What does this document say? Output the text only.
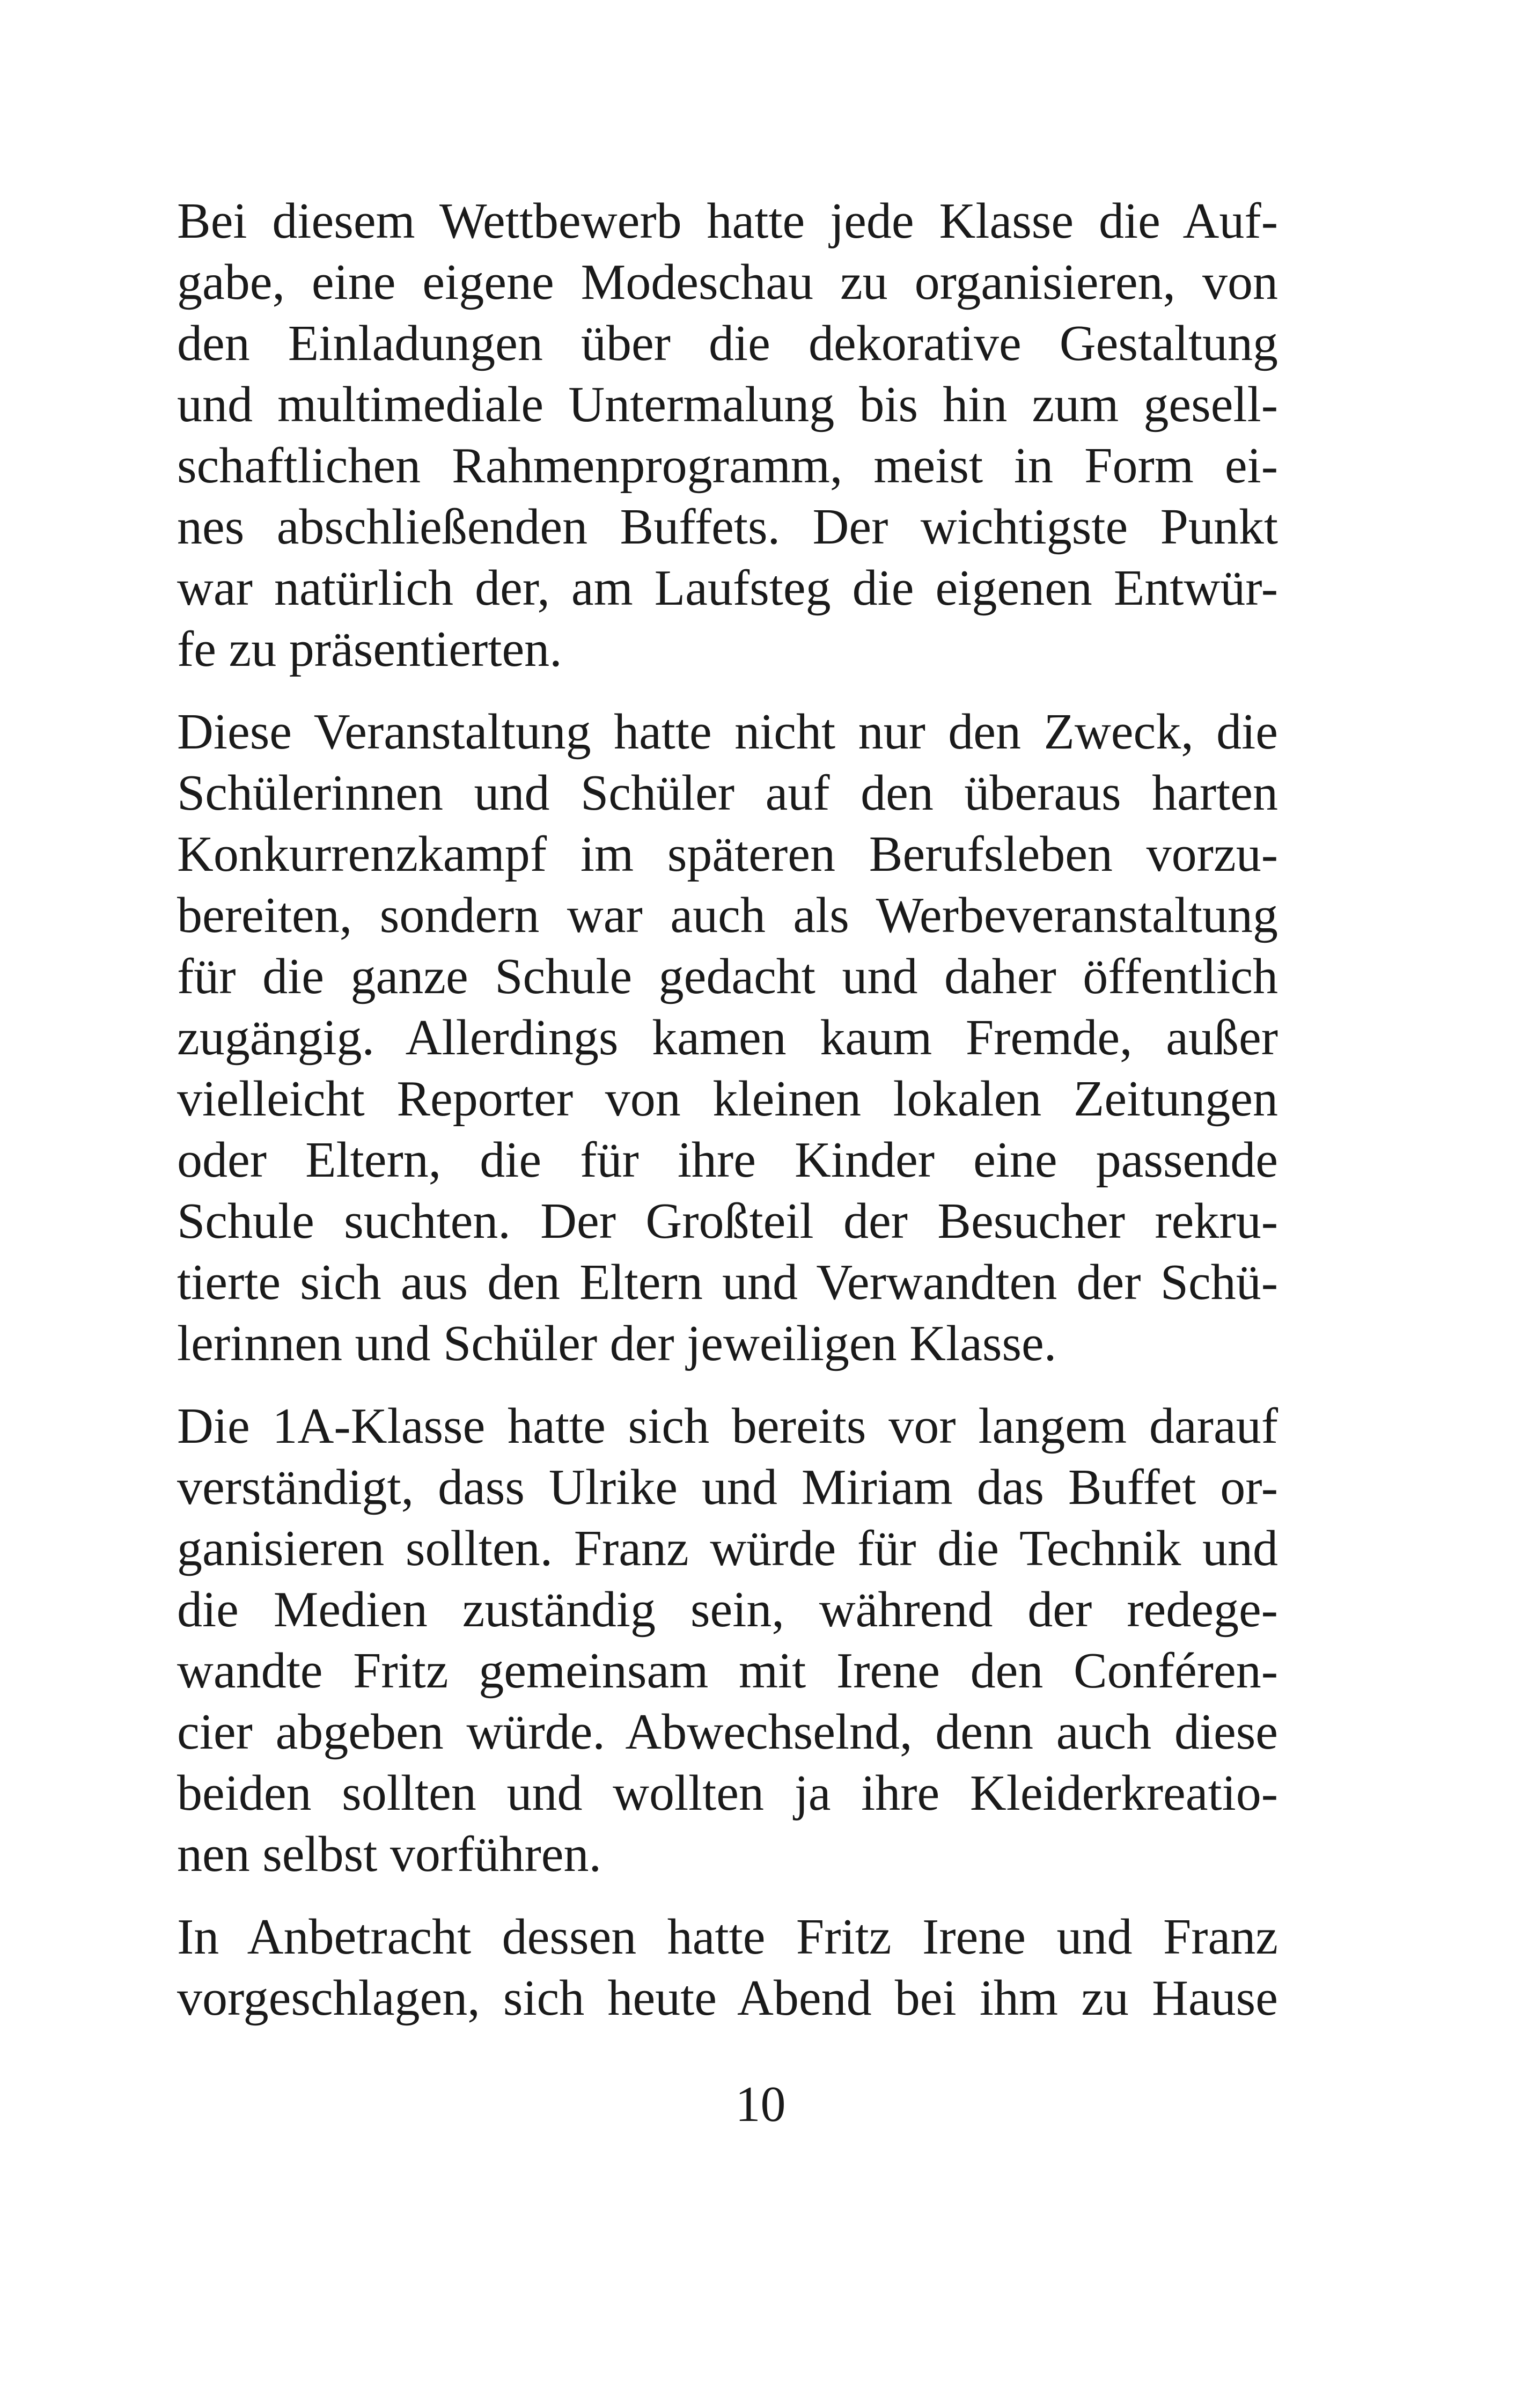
Bei diesem Wettbewerb hatte jede Klasse die Auf-
gabe, eine eigene Modeschau zu organisieren, von
den Einladungen über die dekorative Gestaltung
und multimediale Untermalung bis hin zum gesell-
schaftlichen Rahmenprogramm, meist in Form ei-
nes abschließenden Buffets. Der wichtigste Punkt
war natürlich der, am Laufsteg die eigenen Entwür-
fe zu präsentierten.
Diese Veranstaltung hatte nicht nur den Zweck, die
Schülerinnen und Schüler auf den überaus harten
Konkurrenzkampf im späteren Berufsleben vorzu-
bereiten, sondern war auch als Werbeveranstaltung
für die ganze Schule gedacht und daher öffentlich
zugängig. Allerdings kamen kaum Fremde, außer
vielleicht Reporter von kleinen lokalen Zeitungen
oder Eltern, die für ihre Kinder eine passende
Schule suchten. Der Großteil der Besucher rekru-
tierte sich aus den Eltern und Verwandten der Schü-
lerinnen und Schüler der jeweiligen Klasse.
Die 1A-Klasse hatte sich bereits vor langem darauf
verständigt, dass Ulrike und Miriam das Buffet or-
ganisieren sollten. Franz würde für die Technik und
die Medien zuständig sein, während der redege-
wandte Fritz gemeinsam mit Irene den Conféren-
cier abgeben würde. Abwechselnd, denn auch diese
beiden sollten und wollten ja ihre Kleiderkreatio-
nen selbst vorführen.
In Anbetracht dessen hatte Fritz Irene und Franz
vorgeschlagen, sich heute Abend bei ihm zu Hause
10
